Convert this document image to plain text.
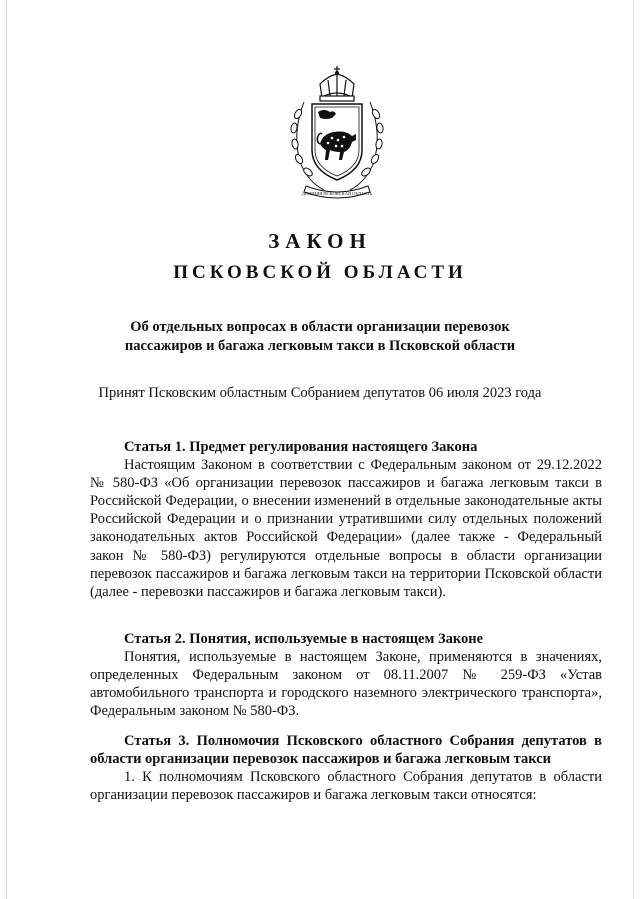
ДРЕВНЯЯ ПСКОВСКАЯ ОБЛАСТЬ
ЗАКОН
ПСКОВСКОЙ ОБЛАСТИ
Об отдельных вопросах в области организации перевозок пассажиров и багажа легковым такси в Псковской области
Принят Псковским областным Собранием депутатов 06 июля 2023 года

Статья 1. Предмет регулирования настоящего Закона

Настоящим Законом в соответствии с Федеральным законом от 29.12.2022 № 580-ФЗ «Об организации перевозок пассажиров и багажа легковым такси в Российской Федерации, о внесении изменений в отдельные законодательные акты Российской Федерации и о признании утратившими силу отдельных положений законодательных актов Российской Федерации» (далее также - Федеральный закон № 580-ФЗ) регулируются отдельные вопросы в области организации перевозок пассажиров и багажа легковым такси на территории Псковской области (далее - перевозки пассажиров и багажа легковым такси).

Статья 2. Понятия, используемые в настоящем Законе

Понятия, используемые в настоящем Законе, применяются в значениях, определенных Федеральным законом от 08.11.2007 № 259-ФЗ «Устав автомобильного транспорта и городского наземного электрического транспорта», Федеральным законом № 580-ФЗ.

Статья 3. Полномочия Псковского областного Собрания депутатов в области организации перевозок пассажиров и багажа легковым такси

1. К полномочиям Псковского областного Собрания депутатов в области организации перевозок пассажиров и багажа легковым такси относятся:
